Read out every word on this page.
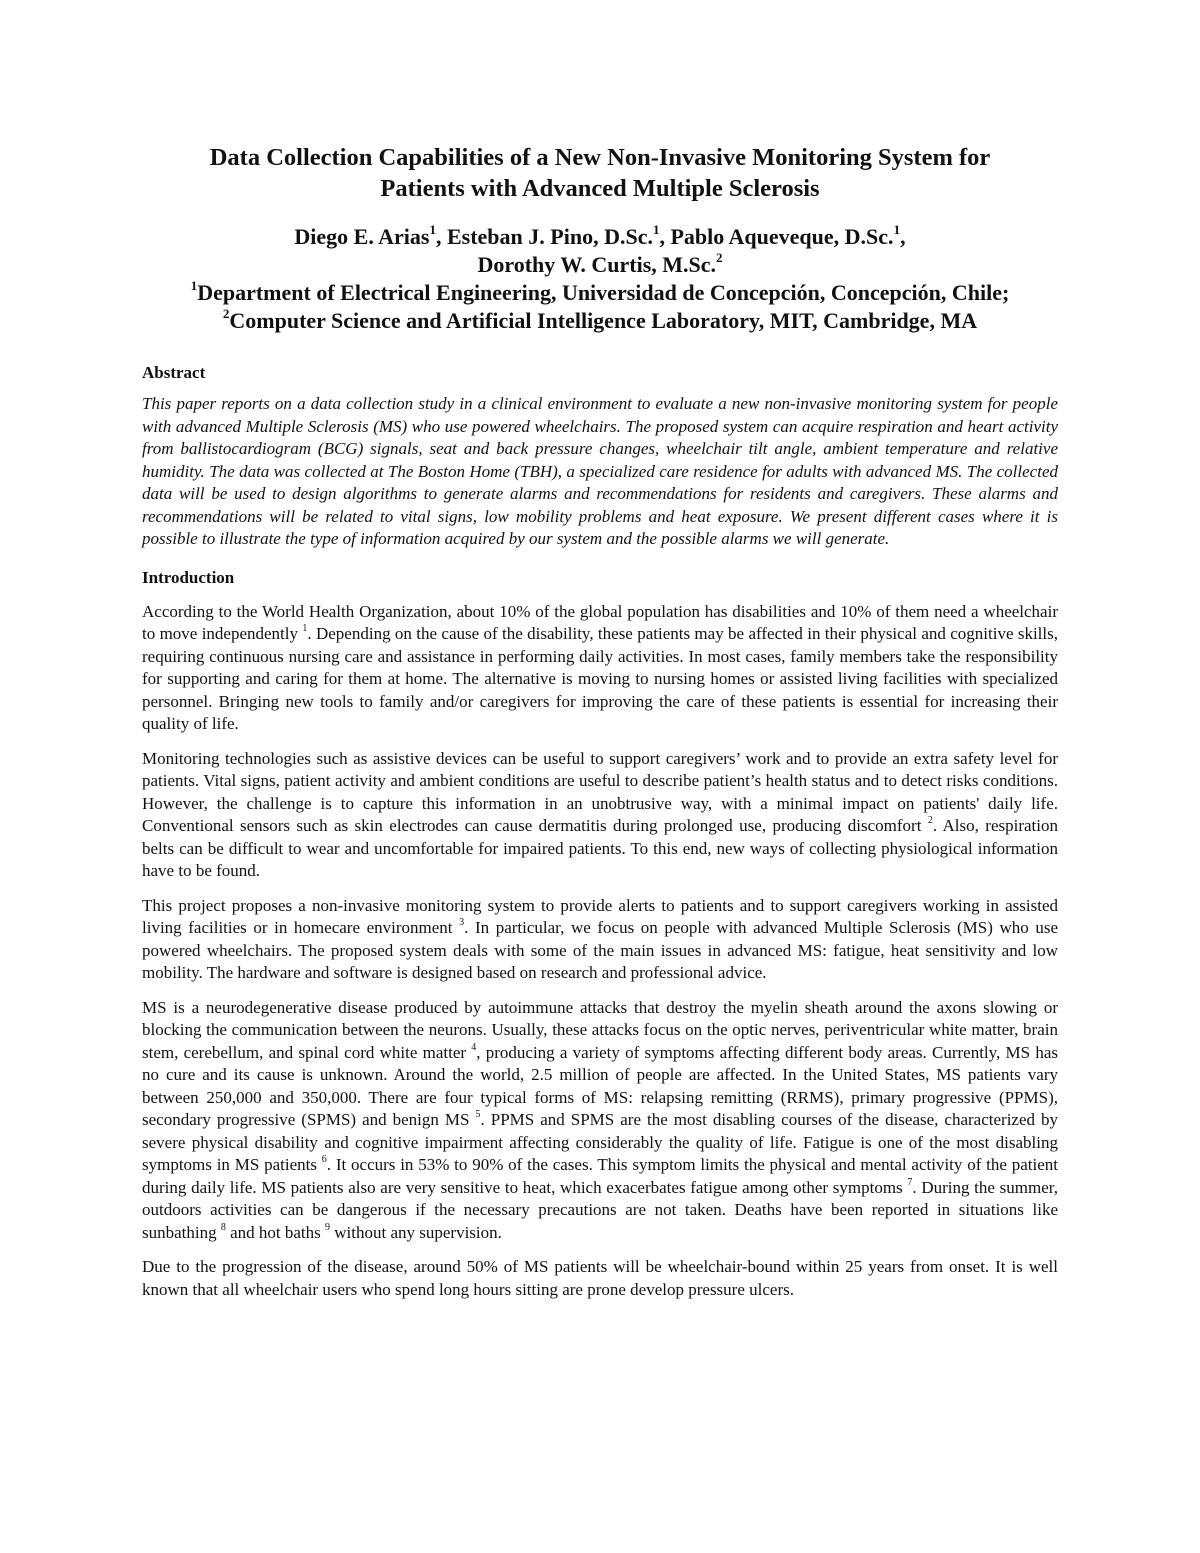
Data Collection Capabilities of a New Non-Invasive Monitoring System for
Patients with Advanced Multiple Sclerosis
Diego E. Arias$^1$, Esteban J. Pino, D.Sc.$^1$, Pablo Aqueveque, D.Sc.$^1$,
Dorothy W. Curtis, M.Sc.$^2$
$^1$Department of Electrical Engineering, Universidad de Concepción, Concepción, Chile;
$^2$Computer Science and Artificial Intelligence Laboratory, MIT, Cambridge, MA
Abstract

This paper reports on a data collection study in a clinical environment to evaluate a new non-invasive monitoring system for people with advanced Multiple Sclerosis (MS) who use powered wheelchairs. The proposed system can acquire respiration and heart activity from ballistocardiogram (BCG) signals, seat and back pressure changes, wheelchair tilt angle, ambient temperature and relative humidity. The data was collected at The Boston Home (TBH), a specialized care residence for adults with advanced MS. The collected data will be used to design algorithms to generate alarms and recommendations for residents and caregivers. These alarms and recommendations will be related to vital signs, low mobility problems and heat exposure. We present different cases where it is possible to illustrate the type of information acquired by our system and the possible alarms we will generate.

Introduction

According to the World Health Organization, about 10% of the global population has disabilities and 10% of them need a wheelchair to move independently $^1$. Depending on the cause of the disability, these patients may be affected in their physical and cognitive skills, requiring continuous nursing care and assistance in performing daily activities. In most cases, family members take the responsibility for supporting and caring for them at home. The alternative is moving to nursing homes or assisted living facilities with specialized personnel. Bringing new tools to family and/or caregivers for improving the care of these patients is essential for increasing their quality of life.

Monitoring technologies such as assistive devices can be useful to support caregivers’ work and to provide an extra safety level for patients. Vital signs, patient activity and ambient conditions are useful to describe patient’s health status and to detect risks conditions. However, the challenge is to capture this information in an unobtrusive way, with a minimal impact on patients' daily life. Conventional sensors such as skin electrodes can cause dermatitis during prolonged use, producing discomfort $^2$. Also, respiration belts can be difficult to wear and uncomfortable for impaired patients. To this end, new ways of collecting physiological information have to be found.

This project proposes a non-invasive monitoring system to provide alerts to patients and to support caregivers working in assisted living facilities or in homecare environment $^3$. In particular, we focus on people with advanced Multiple Sclerosis (MS) who use powered wheelchairs. The proposed system deals with some of the main issues in advanced MS: fatigue, heat sensitivity and low mobility. The hardware and software is designed based on research and professional advice.

MS is a neurodegenerative disease produced by autoimmune attacks that destroy the myelin sheath around the axons slowing or blocking the communication between the neurons. Usually, these attacks focus on the optic nerves, periventricular white matter, brain stem, cerebellum, and spinal cord white matter $^4$, producing a variety of symptoms affecting different body areas. Currently, MS has no cure and its cause is unknown. Around the world, 2.5 million of people are affected. In the United States, MS patients vary between 250,000 and 350,000. There are four typical forms of MS: relapsing remitting (RRMS), primary progressive (PPMS), secondary progressive (SPMS) and benign MS $^5$. PPMS and SPMS are the most disabling courses of the disease, characterized by severe physical disability and cognitive impairment affecting considerably the quality of life. Fatigue is one of the most disabling symptoms in MS patients $^6$. It occurs in 53% to 90% of the cases. This symptom limits the physical and mental activity of the patient during daily life. MS patients also are very sensitive to heat, which exacerbates fatigue among other symptoms $^7$. During the summer, outdoors activities can be dangerous if the necessary precautions are not taken. Deaths have been reported in situations like sunbathing $^8$ and hot baths $^9$ without any supervision.

Due to the progression of the disease, around 50% of MS patients will be wheelchair-bound within 25 years from onset. It is well known that all wheelchair users who spend long hours sitting are prone develop pressure ulcers.
